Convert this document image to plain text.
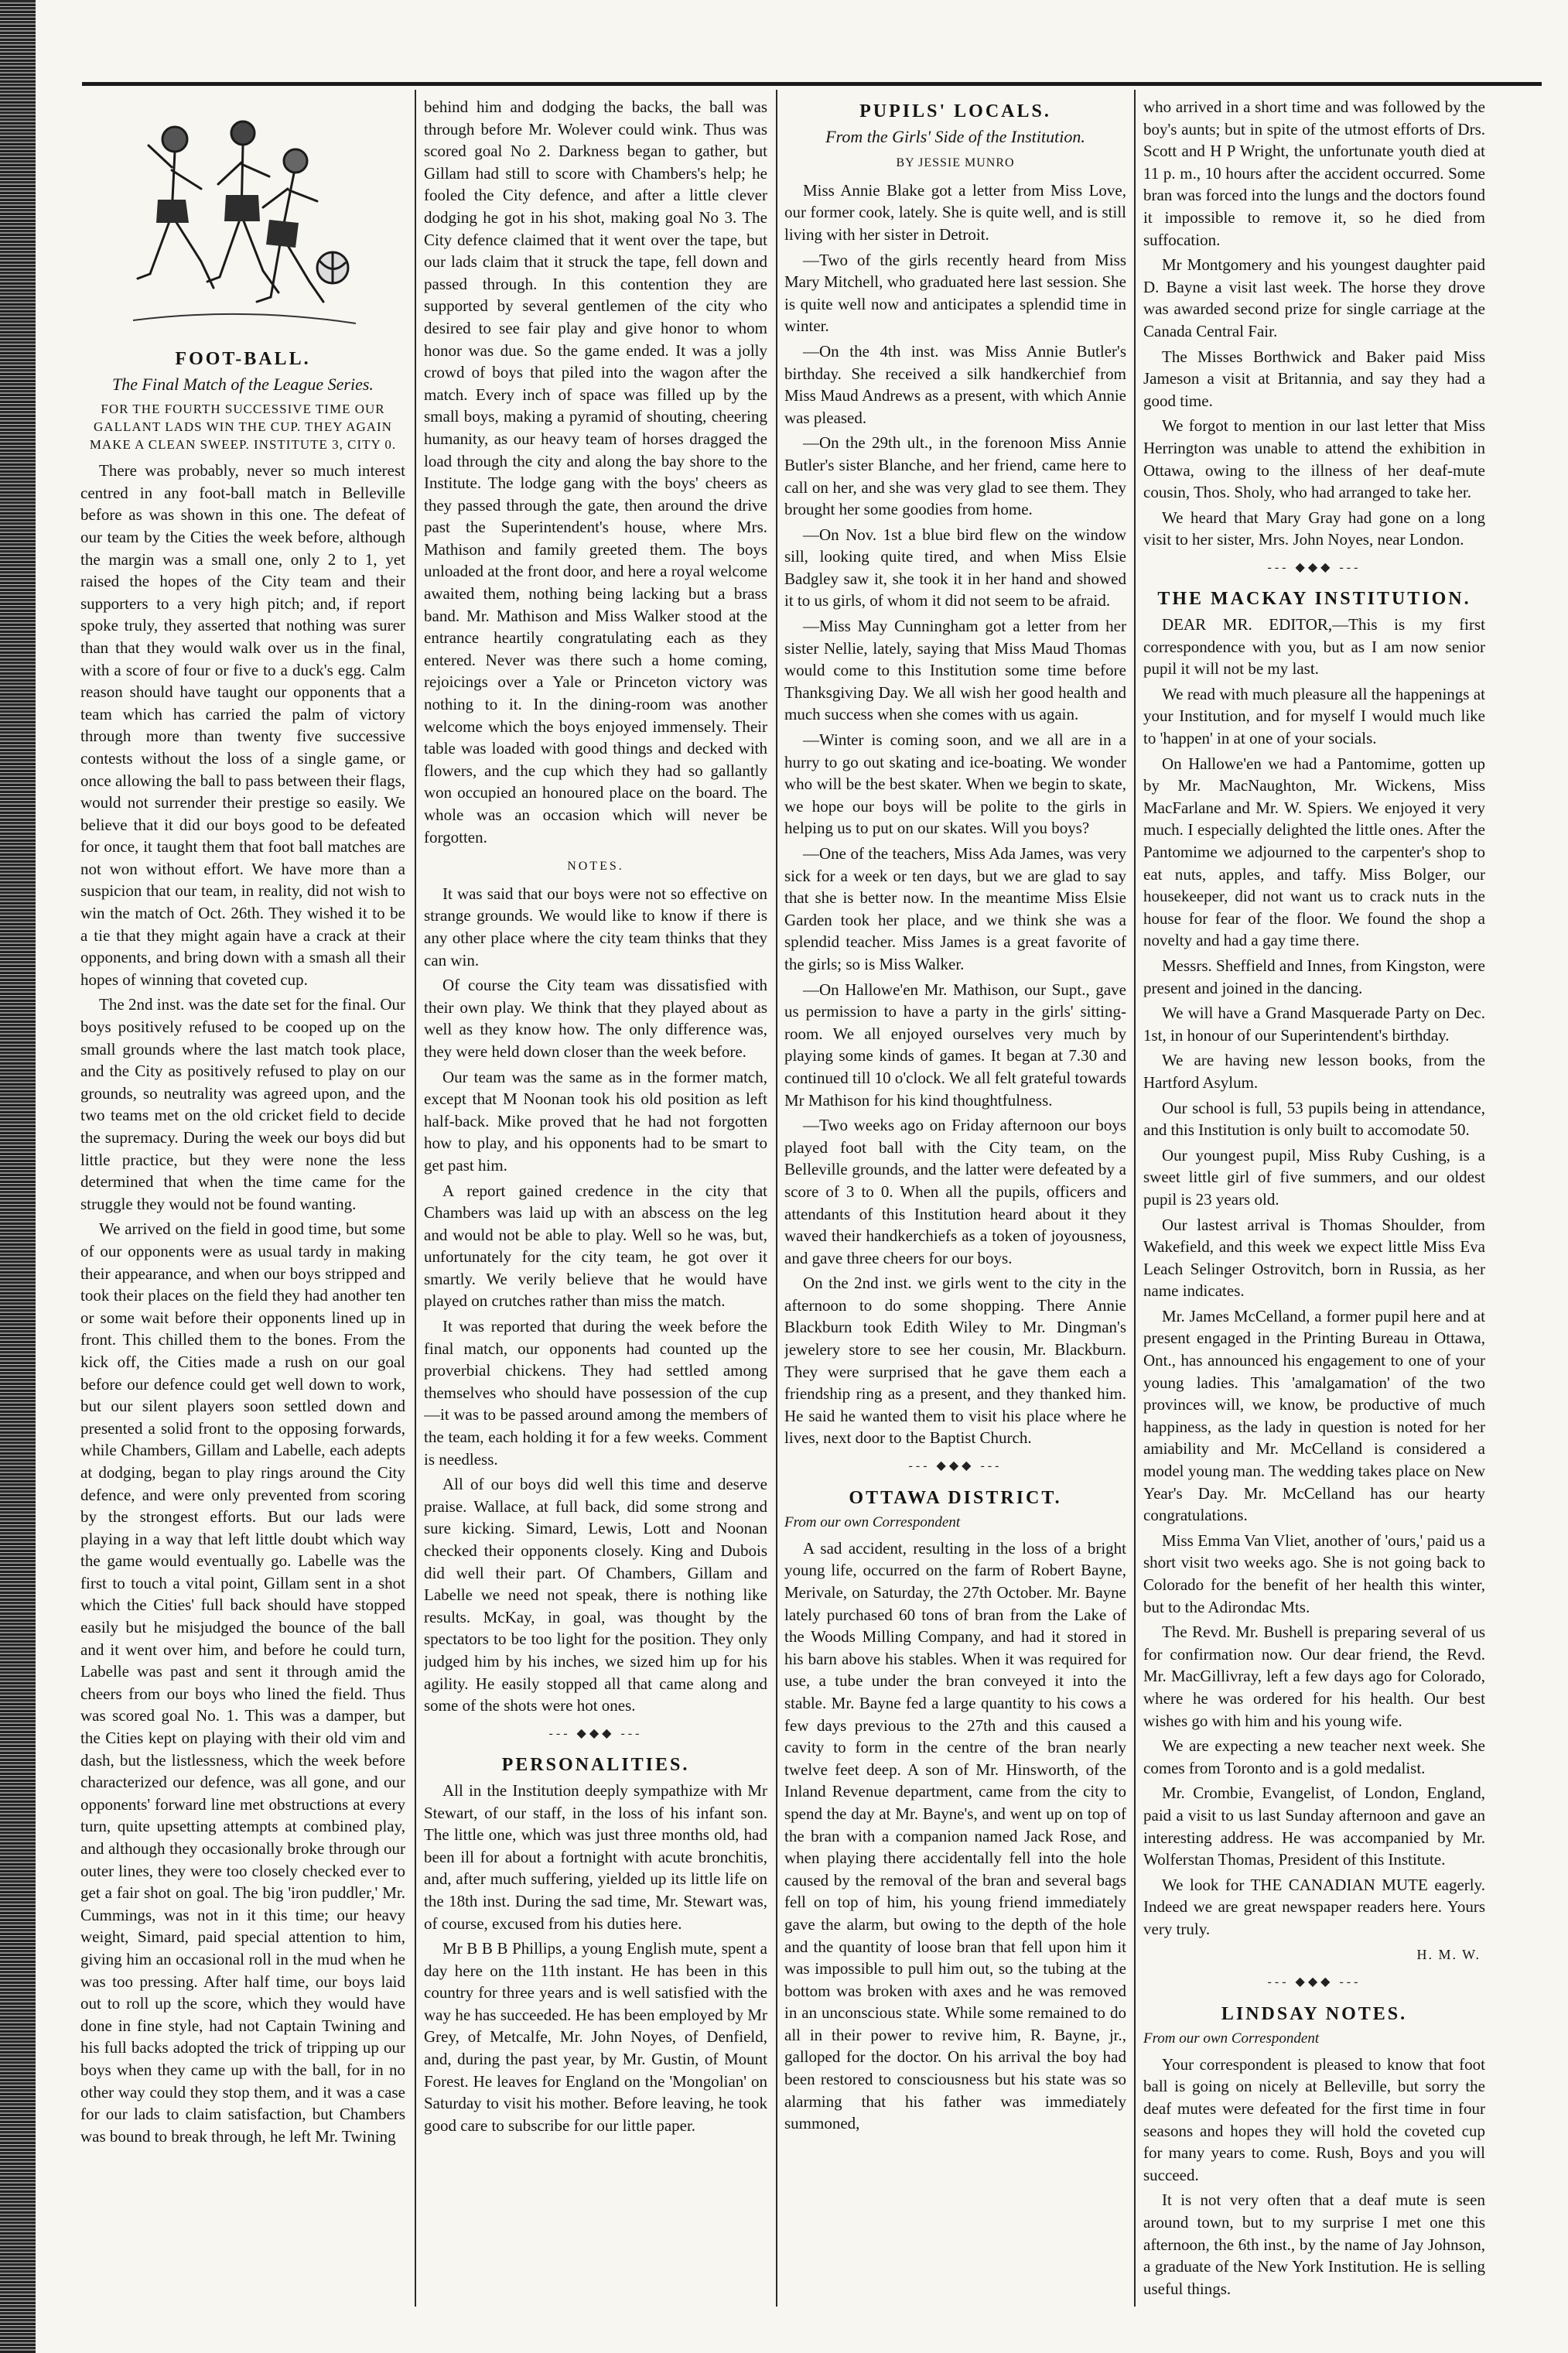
FOOT-BALL.
The Final Match of the League Series.
FOR THE FOURTH SUCCESSIVE TIME OUR GALLANT LADS WIN THE CUP. THEY AGAIN MAKE A CLEAN SWEEP. INSTITUTE 3, CITY 0.

There was probably, never so much interest centred in any foot-ball match in Belleville before as was shown in this one. The defeat of our team by the Cities the week before, although the margin was a small one, only 2 to 1, yet raised the hopes of the City team and their supporters to a very high pitch; and, if report spoke truly, they asserted that nothing was surer than that they would walk over us in the final, with a score of four or five to a duck's egg. Calm reason should have taught our opponents that a team which has carried the palm of victory through more than twenty five successive contests without the loss of a single game, or once allowing the ball to pass between their flags, would not surrender their prestige so easily. We believe that it did our boys good to be defeated for once, it taught them that foot ball matches are not won without effort. We have more than a suspicion that our team, in reality, did not wish to win the match of Oct. 26th. They wished it to be a tie that they might again have a crack at their opponents, and bring down with a smash all their hopes of winning that coveted cup.

The 2nd inst. was the date set for the final. Our boys positively refused to be cooped up on the small grounds where the last match took place, and the City as positively refused to play on our grounds, so neutrality was agreed upon, and the two teams met on the old cricket field to decide the supremacy. During the week our boys did but little practice, but they were none the less determined that when the time came for the struggle they would not be found wanting.

We arrived on the field in good time, but some of our opponents were as usual tardy in making their appearance, and when our boys stripped and took their places on the field they had another ten or some wait before their opponents lined up in front. This chilled them to the bones. From the kick off, the Cities made a rush on our goal before our defence could get well down to work, but our silent players soon settled down and presented a solid front to the opposing forwards, while Chambers, Gillam and Labelle, each adepts at dodging, began to play rings around the City defence, and were only prevented from scoring by the strongest efforts. But our lads were playing in a way that left little doubt which way the game would eventually go. Labelle was the first to touch a vital point, Gillam sent in a shot which the Cities' full back should have stopped easily but he misjudged the bounce of the ball and it went over him, and before he could turn, Labelle was past and sent it through amid the cheers from our boys who lined the field. Thus was scored goal No. 1. This was a damper, but the Cities kept on playing with their old vim and dash, but the listlessness, which the week before characterized our defence, was all gone, and our opponents' forward line met obstructions at every turn, quite upsetting attempts at combined play, and although they occasionally broke through our outer lines, they were too closely checked ever to get a fair shot on goal. The big 'iron puddler,' Mr. Cummings, was not in it this time; our heavy weight, Simard, paid special attention to him, giving him an occasional roll in the mud when he was too pressing. After half time, our boys laid out to roll up the score, which they would have done in fine style, had not Captain Twining and his full backs adopted the trick of tripping up our boys when they came up with the ball, for in no other way could they stop them, and it was a case for our lads to claim satisfaction, but Chambers was bound to break through, he left Mr. Twining

behind him and dodging the backs, the ball was through before Mr. Wolever could wink. Thus was scored goal No 2. Darkness began to gather, but Gillam had still to score with Chambers's help; he fooled the City defence, and after a little clever dodging he got in his shot, making goal No 3. The City defence claimed that it went over the tape, but our lads claim that it struck the tape, fell down and passed through. In this contention they are supported by several gentlemen of the city who desired to see fair play and give honor to whom honor was due. So the game ended. It was a jolly crowd of boys that piled into the wagon after the match. Every inch of space was filled up by the small boys, making a pyramid of shouting, cheering humanity, as our heavy team of horses dragged the load through the city and along the bay shore to the Institute. The lodge gang with the boys' cheers as they passed through the gate, then around the drive past the Superintendent's house, where Mrs. Mathison and family greeted them. The boys unloaded at the front door, and here a royal welcome awaited them, nothing being lacking but a brass band. Mr. Mathison and Miss Walker stood at the entrance heartily congratulating each as they entered. Never was there such a home coming, rejoicings over a Yale or Princeton victory was nothing to it. In the dining-room was another welcome which the boys enjoyed immensely. Their table was loaded with good things and decked with flowers, and the cup which they had so gallantly won occupied an honoured place on the board. The whole was an occasion which will never be forgotten.

NOTES.

It was said that our boys were not so effective on strange grounds. We would like to know if there is any other place where the city team thinks that they can win.

Of course the City team was dissatisfied with their own play. We think that they played about as well as they know how. The only difference was, they were held down closer than the week before.

Our team was the same as in the former match, except that M Noonan took his old position as left half-back. Mike proved that he had not forgotten how to play, and his opponents had to be smart to get past him.

A report gained credence in the city that Chambers was laid up with an abscess on the leg and would not be able to play. Well so he was, but, unfortunately for the city team, he got over it smartly. We verily believe that he would have played on crutches rather than miss the match.

It was reported that during the week before the final match, our opponents had counted up the proverbial chickens. They had settled among themselves who should have possession of the cup—it was to be passed around among the members of the team, each holding it for a few weeks. Comment is needless.

All of our boys did well this time and deserve praise. Wallace, at full back, did some strong and sure kicking. Simard, Lewis, Lott and Noonan checked their opponents closely. King and Dubois did well their part. Of Chambers, Gillam and Labelle we need not speak, there is nothing like results. McKay, in goal, was thought by the spectators to be too light for the position. They only judged him by his inches, we sized him up for his agility. He easily stopped all that came along and some of the shots were hot ones.

--- ◆◆◆ ---
PERSONALITIES.

All in the Institution deeply sympathize with Mr Stewart, of our staff, in the loss of his infant son. The little one, which was just three months old, had been ill for about a fortnight with acute bronchitis, and, after much suffering, yielded up its little life on the 18th inst. During the sad time, Mr. Stewart was, of course, excused from his duties here.

Mr B B B Phillips, a young English mute, spent a day here on the 11th instant. He has been in this country for three years and is well satisfied with the way he has succeeded. He has been employed by Mr Grey, of Metcalfe, Mr. John Noyes, of Denfield, and, during the past year, by Mr. Gustin, of Mount Forest. He leaves for England on the 'Mongolian' on Saturday to visit his mother. Before leaving, he took good care to subscribe for our little paper.

PUPILS' LOCALS.
From the Girls' Side of the Institution.
BY JESSIE MUNRO

Miss Annie Blake got a letter from Miss Love, our former cook, lately. She is quite well, and is still living with her sister in Detroit.

—Two of the girls recently heard from Miss Mary Mitchell, who graduated here last session. She is quite well now and anticipates a splendid time in winter.

—On the 4th inst. was Miss Annie Butler's birthday. She received a silk handkerchief from Miss Maud Andrews as a present, with which Annie was pleased.

—On the 29th ult., in the forenoon Miss Annie Butler's sister Blanche, and her friend, came here to call on her, and she was very glad to see them. They brought her some goodies from home.

—On Nov. 1st a blue bird flew on the window sill, looking quite tired, and when Miss Elsie Badgley saw it, she took it in her hand and showed it to us girls, of whom it did not seem to be afraid.

—Miss May Cunningham got a letter from her sister Nellie, lately, saying that Miss Maud Thomas would come to this Institution some time before Thanksgiving Day. We all wish her good health and much success when she comes with us again.

—Winter is coming soon, and we all are in a hurry to go out skating and ice-boating. We wonder who will be the best skater. When we begin to skate, we hope our boys will be polite to the girls in helping us to put on our skates. Will you boys?

—One of the teachers, Miss Ada James, was very sick for a week or ten days, but we are glad to say that she is better now. In the meantime Miss Elsie Garden took her place, and we think she was a splendid teacher. Miss James is a great favorite of the girls; so is Miss Walker.

—On Hallowe'en Mr. Mathison, our Supt., gave us permission to have a party in the girls' sitting-room. We all enjoyed ourselves very much by playing some kinds of games. It began at 7.30 and continued till 10 o'clock. We all felt grateful towards Mr Mathison for his kind thoughtfulness.

—Two weeks ago on Friday afternoon our boys played foot ball with the City team, on the Belleville grounds, and the latter were defeated by a score of 3 to 0. When all the pupils, officers and attendants of this Institution heard about it they waved their handkerchiefs as a token of joyousness, and gave three cheers for our boys.

On the 2nd inst. we girls went to the city in the afternoon to do some shopping. There Annie Blackburn took Edith Wiley to Mr. Dingman's jewelery store to see her cousin, Mr. Blackburn. They were surprised that he gave them each a friendship ring as a present, and they thanked him. He said he wanted them to visit his place where he lives, next door to the Baptist Church.

--- ◆◆◆ ---
OTTAWA DISTRICT.
From our own Correspondent

A sad accident, resulting in the loss of a bright young life, occurred on the farm of Robert Bayne, Merivale, on Saturday, the 27th October. Mr. Bayne lately purchased 60 tons of bran from the Lake of the Woods Milling Company, and had it stored in his barn above his stables. When it was required for use, a tube under the bran conveyed it into the stable. Mr. Bayne fed a large quantity to his cows a few days previous to the 27th and this caused a cavity to form in the centre of the bran nearly twelve feet deep. A son of Mr. Hinsworth, of the Inland Revenue department, came from the city to spend the day at Mr. Bayne's, and went up on top of the bran with a companion named Jack Rose, and when playing there accidentally fell into the hole caused by the removal of the bran and several bags fell on top of him, his young friend immediately gave the alarm, but owing to the depth of the hole and the quantity of loose bran that fell upon him it was impossible to pull him out, so the tubing at the bottom was broken with axes and he was removed in an unconscious state. While some remained to do all in their power to revive him, R. Bayne, jr., galloped for the doctor. On his arrival the boy had been restored to consciousness but his state was so alarming that his father was immediately summoned,

who arrived in a short time and was followed by the boy's aunts; but in spite of the utmost efforts of Drs. Scott and H P Wright, the unfortunate youth died at 11 p. m., 10 hours after the accident occurred. Some bran was forced into the lungs and the doctors found it impossible to remove it, so he died from suffocation.

Mr Montgomery and his youngest daughter paid D. Bayne a visit last week. The horse they drove was awarded second prize for single carriage at the Canada Central Fair.

The Misses Borthwick and Baker paid Miss Jameson a visit at Britannia, and say they had a good time.

We forgot to mention in our last letter that Miss Herrington was unable to attend the exhibition in Ottawa, owing to the illness of her deaf-mute cousin, Thos. Sholy, who had arranged to take her.

We heard that Mary Gray had gone on a long visit to her sister, Mrs. John Noyes, near London.

--- ◆◆◆ ---
THE MACKAY INSTITUTION.

DEAR MR. EDITOR,—This is my first correspondence with you, but as I am now senior pupil it will not be my last.

We read with much pleasure all the happenings at your Institution, and for myself I would much like to 'happen' in at one of your socials.

On Hallowe'en we had a Pantomime, gotten up by Mr. MacNaughton, Mr. Wickens, Miss MacFarlane and Mr. W. Spiers. We enjoyed it very much. I especially delighted the little ones. After the Pantomime we adjourned to the carpenter's shop to eat nuts, apples, and taffy. Miss Bolger, our housekeeper, did not want us to crack nuts in the house for fear of the floor. We found the shop a novelty and had a gay time there.

Messrs. Sheffield and Innes, from Kingston, were present and joined in the dancing.

We will have a Grand Masquerade Party on Dec. 1st, in honour of our Superintendent's birthday.

We are having new lesson books, from the Hartford Asylum.

Our school is full, 53 pupils being in attendance, and this Institution is only built to accomodate 50.

Our youngest pupil, Miss Ruby Cushing, is a sweet little girl of five summers, and our oldest pupil is 23 years old.

Our lastest arrival is Thomas Shoulder, from Wakefield, and this week we expect little Miss Eva Leach Selinger Ostrovitch, born in Russia, as her name indicates.

Mr. James McCelland, a former pupil here and at present engaged in the Printing Bureau in Ottawa, Ont., has announced his engagement to one of your young ladies. This 'amalgamation' of the two provinces will, we know, be productive of much happiness, as the lady in question is noted for her amiability and Mr. McCelland is considered a model young man. The wedding takes place on New Year's Day. Mr. McCelland has our hearty congratulations.

Miss Emma Van Vliet, another of 'ours,' paid us a short visit two weeks ago. She is not going back to Colorado for the benefit of her health this winter, but to the Adirondac Mts.

The Revd. Mr. Bushell is preparing several of us for confirmation now. Our dear friend, the Revd. Mr. MacGillivray, left a few days ago for Colorado, where he was ordered for his health. Our best wishes go with him and his young wife.

We are expecting a new teacher next week. She comes from Toronto and is a gold medalist.

Mr. Crombie, Evangelist, of London, England, paid a visit to us last Sunday afternoon and gave an interesting address. He was accompanied by Mr. Wolferstan Thomas, President of this Institute.

We look for THE CANADIAN MUTE eagerly. Indeed we are great newspaper readers here. Yours very truly.

H. M. W.
--- ◆◆◆ ---
LINDSAY NOTES.
From our own Correspondent

Your correspondent is pleased to know that foot ball is going on nicely at Belleville, but sorry the deaf mutes were defeated for the first time in four seasons and hopes they will hold the coveted cup for many years to come. Rush, Boys and you will succeed.

It is not very often that a deaf mute is seen around town, but to my surprise I met one this afternoon, the 6th inst., by the name of Jay Johnson, a graduate of the New York Institution. He is selling useful things.
